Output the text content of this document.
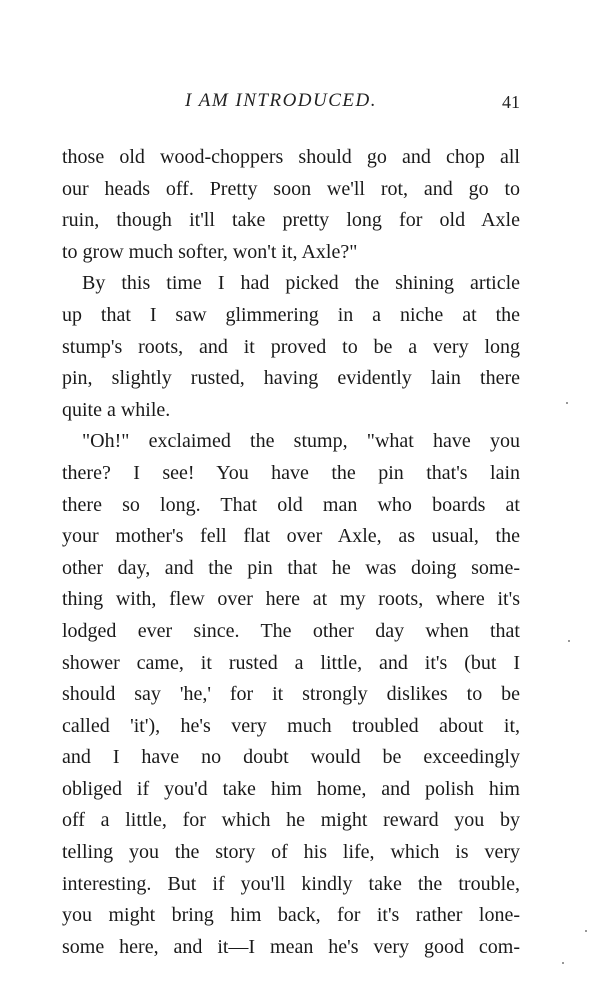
I AM INTRODUCED.	41
those old wood-choppers should go and chop all
our heads off. Pretty soon we'll rot, and go to
ruin, though it'll take pretty long for old Axle
to grow much softer, won't it, Axle?"
By this time I had picked the shining article
up that I saw glimmering in a niche at the
stump's roots, and it proved to be a very long
pin, slightly rusted, having evidently lain there
quite a while.
"Oh!" exclaimed the stump, "what have you
there? I see! You have the pin that's lain
there so long. That old man who boards at
your mother's fell flat over Axle, as usual, the
other day, and the pin that he was doing some-
thing with, flew over here at my roots, where it's
lodged ever since. The other day when that
shower came, it rusted a little, and it's (but I
should say 'he,' for it strongly dislikes to be
called 'it'), he's very much troubled about it,
and I have no doubt would be exceedingly
obliged if you'd take him home, and polish him
off a little, for which he might reward you by
telling you the story of his life, which is very
interesting. But if you'll kindly take the trouble,
you might bring him back, for it's rather lone-
some here, and it—I mean he's very good com-
